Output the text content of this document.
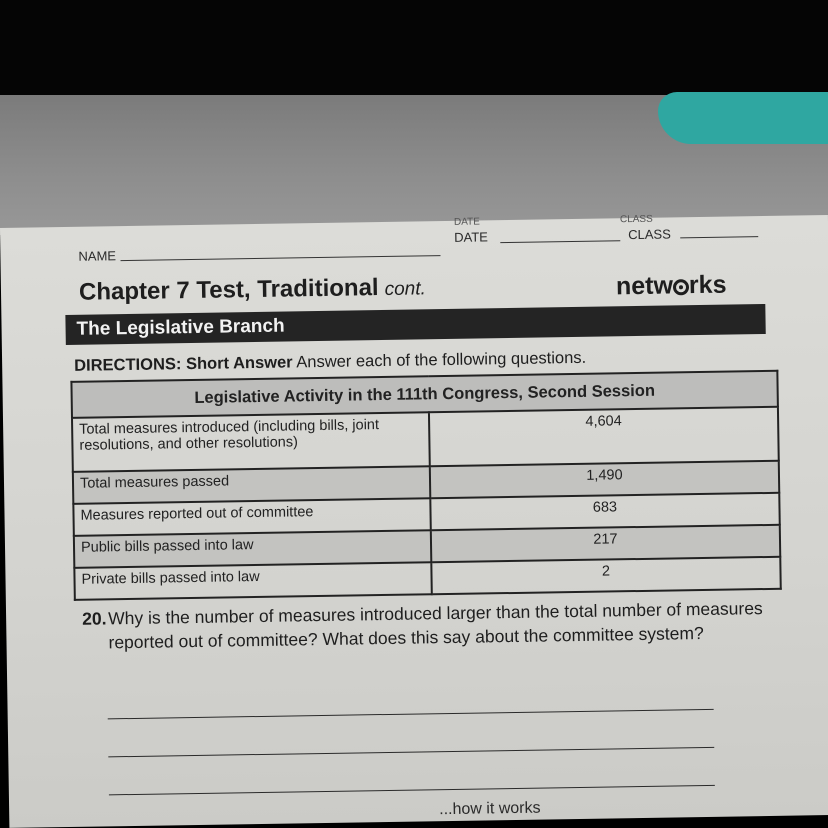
DATE	CLASS
NAME
DATE	CLASS
Chapter 7 Test, Traditional cont.	netw rks
The Legislative Branch
DIRECTIONS: Short Answer Answer each of the following questions.
Legislative Activity in the 111th Congress, Second Session	
Total measures introduced (including bills, joint resolutions, and other resolutions)	4,604
Total measures passed	1,490
Measures reported out of committee	683
Public bills passed into law	217
Private bills passed into law	2
20. Why is the number of measures introduced larger than the total number of measures reported out of committee? What does this say about the committee system?
...how it works
